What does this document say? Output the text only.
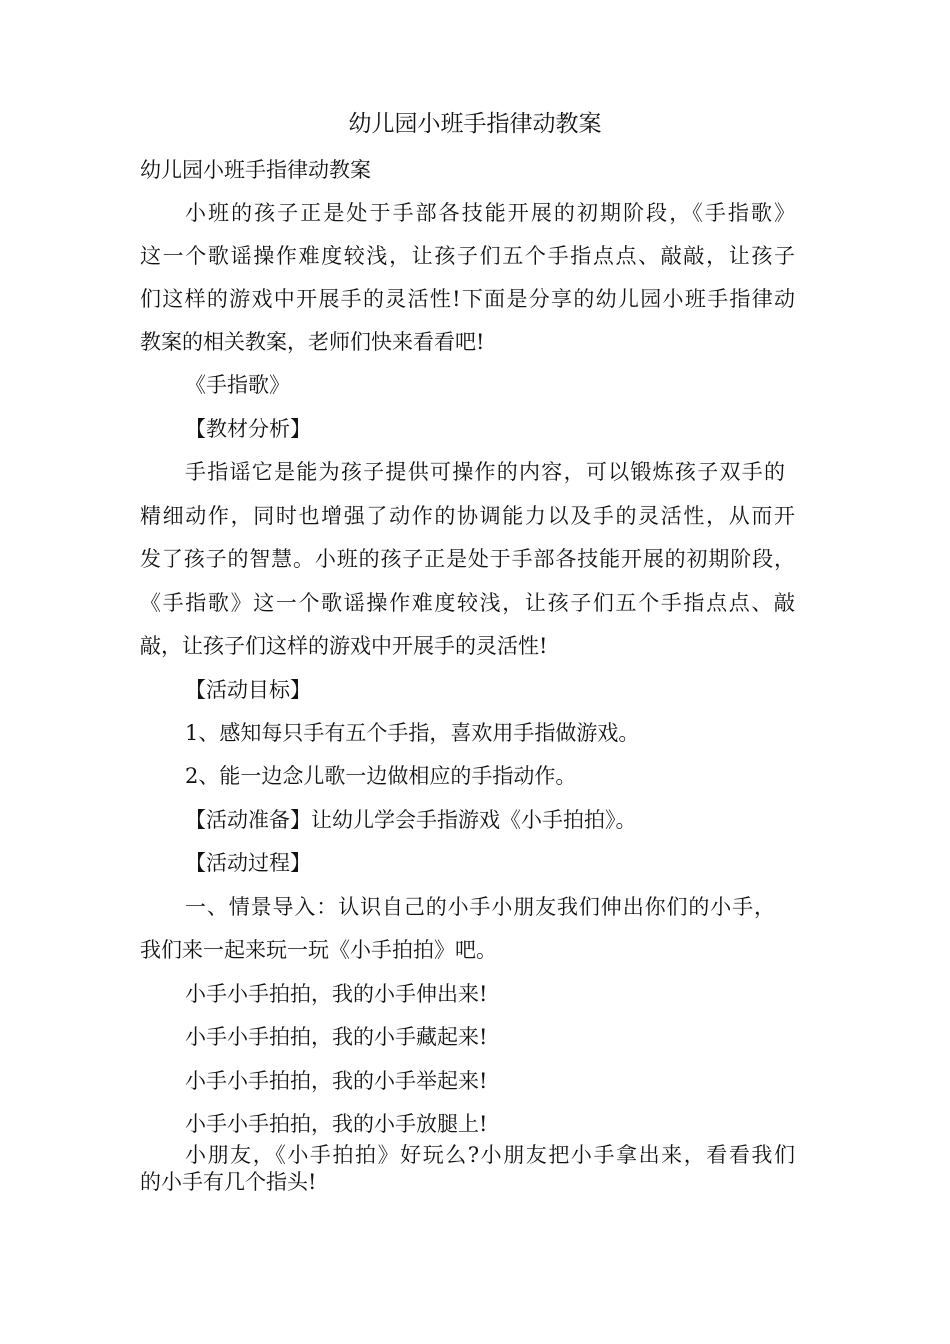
幼儿园小班手指律动教案
幼儿园小班手指律动教案
小班的孩子正是处于手部各技能开展的初期阶段，《手指歌》
这一个歌谣操作难度较浅，让孩子们五个手指点点、敲敲，让孩子
们这样的游戏中开展手的灵活性!下面是分享的幼儿园小班手指律动
教案的相关教案，老师们快来看看吧!
《手指歌》
【教材分析】
手指谣它是能为孩子提供可操作的内容，可以锻炼孩子双手的
精细动作，同时也增强了动作的协调能力以及手的灵活性，从而开
发了孩子的智慧。小班的孩子正是处于手部各技能开展的初期阶段，
《手指歌》这一个歌谣操作难度较浅，让孩子们五个手指点点、敲
敲，让孩子们这样的游戏中开展手的灵活性!
【活动目标】
1、感知每只手有五个手指，喜欢用手指做游戏。
2、能一边念儿歌一边做相应的手指动作。
【活动准备】让幼儿学会手指游戏《小手拍拍》。
【活动过程】
一、情景导入：认识自己的小手小朋友我们伸出你们的小手，
我们来一起来玩一玩《小手拍拍》吧。
小手小手拍拍，我的小手伸出来!
小手小手拍拍，我的小手藏起来!
小手小手拍拍，我的小手举起来!
小手小手拍拍，我的小手放腿上!
小朋友，《小手拍拍》好玩么?小朋友把小手拿出来，看看我们
的小手有几个指头!
